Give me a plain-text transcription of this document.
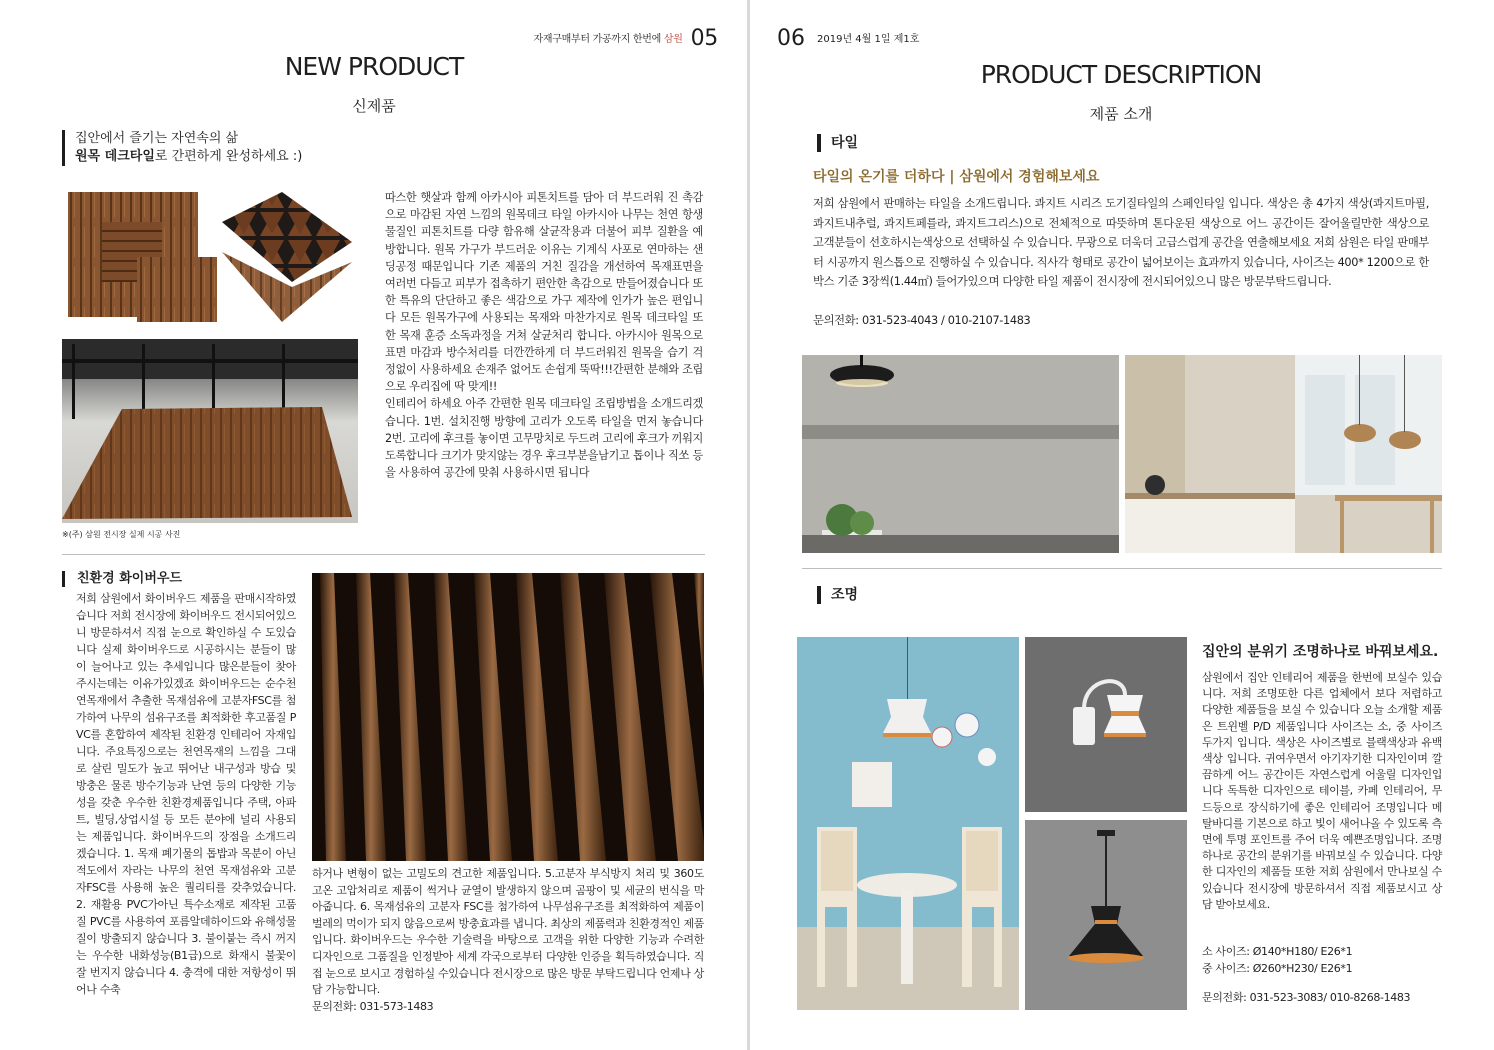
자재구매부터 가공까지 한번에 삼원 05
NEW PRODUCT
신제품
집안에서 즐기는 자연속의 삶
원목 데크타일로 간편하게 완성하세요 :)
※(주) 삼원 전시장 실제 시공 사진

따스한 햇살과 함께 아카시아 피톤치트를 담아 더 부드러워 진 촉감으로 마감된 자연 느낌의 원목데크 타일 아카시아 나무는 천연 항생 물질인 피톤치트를 다량 함유해 살균작용과 더불어 피부 질환을 예방합니다. 원목 가구가 부드러운 이유는 기계식 사포로 연마하는 샌딩공정 때문입니다 기존 제품의 거친 질감을 개선하여 목재표면을 여러번 다듬고 피부가 접촉하기 편안한 촉감으로 만들어졌습니다 또한 특유의 단단하고 좋은 색감으로 가구 제작에 인가가 높은 편입니다 모든 원목가구에 사용되는 목재와 마찬가지로 원목 데크타일 또한 목재 훈증 소독과정을 거쳐 살균처리 합니다. 아카시아 원목으로 표면 마감과 방수처리를 더깐깐하게 더 부드러워진 원목을 습기 걱정없이 사용하세요 손재주 없어도 손쉽게 뚝딱!!!간편한 분해와 조립으로 우리집에 딱 맞게!!

인테리어 하세요 아주 간편한 원목 데크타일 조립방법을 소개드리겠습니다. 1번. 설치진행 방향에 고리가 오도록 타일을 먼저 놓습니다 2번. 고리에 후크를 놓이면 고무망치로 두드려 고리에 후크가 끼워지도록합니다 크기가 맞지않는 경우 후크부분을남기고 톱이나 직쏘 등을 사용하여 공간에 맞춰 사용하시면 됩니다

친환경 화이버우드
저희 삼원에서 화이버우드 제품을 판매시작하였습니다 저희 전시장에 화이버우드 전시되어있으니 방문하셔서 직접 눈으로 확인하실 수 도있습니다 실제 화이버우드로 시공하시는 분들이 많이 늘어나고 있는 추세입니다 많은분들이 찾아주시는데는 이유가있겠죠 화이버우드는 순수천연목재에서 추출한 목재섬유에 고분자FSC를 첨가하여 나무의 섬유구조를 최적화한 후고품질 PVC를 혼합하여 제작된 친환경 인테리어 자재입니다. 주요특징으로는 천연목재의 느낌을 그대로 살린 밀도가 높고 뛰어난 내구성과 방습 및 방충은 물론 방수기능과 난연 등의 다양한 기능성을 갖춘 우수한 친환경제품입니다 주택, 아파트, 빌딩,상업시설 등 모든 분야에 널리 사용되는 제품입니다. 화이버우드의 장점을 소개드리겠습니다. 1. 목재 폐기물의 톱밥과 목분이 아닌 적도에서 자라는 나무의 천연 목재섬유와 고분자FSC를 사용해 높은 퀄리티를 갖추었습니다. 2. 재활용 PVC가아닌 특수소재로 제작된 고품질 PVC를 사용하여 포름알데하이드와 유해성물질이 방출되지 않습니다 3. 불이붙는 즉시 꺼지는 우수한 내화성능(B1급)으로 화재시 불꽃이 잘 번지지 않습니다 4. 충격에 대한 저항성이 뛰어나 수축

하거나 변형이 없는 고밀도의 견고한 제품입니다. 5.고분자 부식방지 처리 및 360도 고온 고압처리로 제품이 썩거나 균열이 발생하지 않으며 곰팡이 및 세균의 번식을 막아줍니다. 6. 목재섬유의 고분자 FSC를 첨가하여 나무섬유구조를 최적화하여 제품이 벌레의 먹이가 되지 않음으로써 방충효과를 냅니다. 최상의 제품력과 친환경적인 제품입니다. 화이버우드는 우수한 기술력을 바탕으로 고객을 위한 다양한 기능과 수려한 디자인으로 그품질을 인정받아 세계 각국으로부터 다양한 인증을 획득하였습니다. 직접 눈으로 보시고 경험하실 수있습니다 전시장으로 많은 방문 부탁드립니다 언제나 상담 가능합니다.

문의전화: 031-573-1483

06 2019년 4월 1일 제1호
PRODUCT DESCRIPTION
제품 소개
타일
타일의 온기를 더하다 | 삼원에서 경험해보세요

저희 삼원에서 판매하는 타일을 소개드립니다. 콰지트 시리즈 도기질타일의 스페인타일 입니다. 색상은 총 4가지 색상(콰지트마필, 콰지트내추럴, 콰지트페를라, 콰지트그리스)으로 전체적으로 따뜻하며 톤다운된 색상으로 어느 공간이든 잘어울릴만한 색상으로 고객분들이 선호하시는색상으로 선택하실 수 있습니다. 무광으로 더욱더 고급스럽게 공간을 연출해보세요 저희 삼원은 타일 판매부터 시공까지 원스톱으로 진행하실 수 있습니다. 직사각 형태로 공간이 넓어보이는 효과까지 있습니다, 사이즈는 400* 1200으로 한박스 기준 3장씩(1.44㎡) 들어가있으며 다양한 타일 제품이 전시장에 전시되어있으니 많은 방문부탁드립니다.

문의전화: 031-523-4043 / 010-2107-1483
조명
집안의 분위기 조명하나로 바꿔보세요.

삼원에서 집안 인테리어 제품을 한번에 보실수 있습니다. 저희 조명또한 다른 업체에서 보다 저렴하고 다양한 제품들을 보실 수 있습니다 오늘 소개할 제품은 트윈벨 P/D 제품입니다 사이즈는 소, 중 사이즈 두가지 입니다. 색상은 사이즈별로 블랙색상과 유백색상 입니다. 귀여우면서 아기자기한 디자인이며 깔끔하게 어느 공간이든 자연스럽게 어울릴 디자인입니다 독특한 디자인으로 테이블, 카페 인테리어, 무드등으로 장식하기에 좋은 인테리어 조명입니다 메탈바디를 기본으로 하고 빛이 새어나올 수 있도록 측면에 투명 포인트를 주어 더욱 예쁜조명입니다. 조명하나로 공간의 분위기를 바꿔보실 수 있습니다. 다양한 디자인의 제품들 또한 저희 삼원에서 만나보실 수 있습니다 전시장에 방문하셔서 직접 제품보시고 상담 받아보세요.

소 사이즈: Ø140*H180/ E26*1

중 사이즈: Ø260*H230/ E26*1

문의전화: 031-523-3083/ 010-8268-1483
